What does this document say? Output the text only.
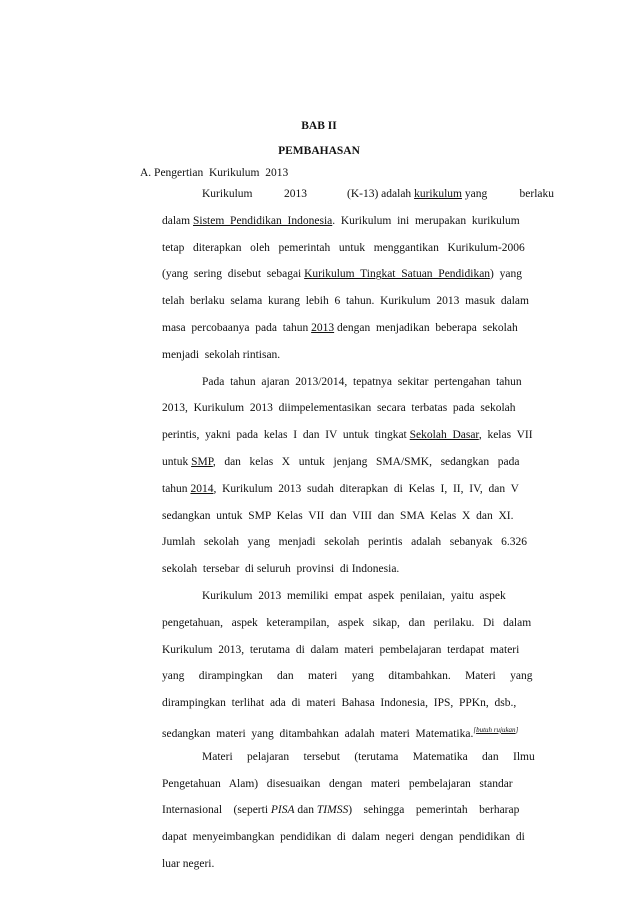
BAB II
PEMBAHASAN
A. Pengertian  Kurikulum  2013
Kurikulum	2013	(K-13) adalah kurikulum yang	berlaku
dalam Sistem  Pendidikan  Indonesia.  Kurikulum  ini  merupakan  kurikulum
tetap   diterapkan   oleh   pemerintah   untuk   menggantikan   Kurikulum-2006
(yang  sering  disebut  sebagai Kurikulum  Tingkat  Satuan  Pendidikan)  yang
telah  berlaku  selama  kurang  lebih  6  tahun.  Kurikulum  2013  masuk  dalam
masa  percobaanya  pada  tahun 2013 dengan  menjadikan  beberapa  sekolah
menjadi  sekolah rintisan.
Pada  tahun  ajaran  2013/2014,  tepatnya  sekitar  pertengahan  tahun
2013,  Kurikulum  2013  diimpelementasikan  secara  terbatas  pada  sekolah
perintis,  yakni  pada  kelas  I  dan  IV  untuk  tingkat Sekolah  Dasar,  kelas  VII
untuk SMP,   dan   kelas   X   untuk   jenjang   SMA/SMK,   sedangkan   pada
tahun 2014,  Kurikulum  2013  sudah  diterapkan  di  Kelas  I,  II,  IV,  dan  V
sedangkan  untuk  SMP  Kelas  VII  dan  VIII  dan  SMA  Kelas  X  dan  XI.
Jumlah   sekolah   yang   menjadi   sekolah   perintis   adalah   sebanyak   6.326
sekolah  tersebar  di seluruh  provinsi  di Indonesia.
Kurikulum  2013  memiliki  empat  aspek  penilaian,  yaitu  aspek
pengetahuan,   aspek   keterampilan,   aspek   sikap,   dan   perilaku.   Di   dalam
Kurikulum  2013,  terutama  di  dalam  materi  pembelajaran  terdapat  materi
yang     dirampingkan     dan     materi     yang     ditambahkan.     Materi     yang
dirampingkan  terlihat  ada  di  materi  Bahasa  Indonesia,  IPS,  PPKn,  dsb.,
sedangkan  materi  yang  ditambahkan  adalah  materi  Matematika.[butuh rujukan]
Materi     pelajaran     tersebut     (terutama     Matematika     dan     Ilmu
Pengetahuan   Alam)   disesuaikan   dengan   materi   pembelajaran   standar
Internasional    (seperti PISA dan TIMSS)    sehingga    pemerintah    berharap
dapat  menyeimbangkan  pendidikan  di  dalam  negeri  dengan  pendidikan  di
luar negeri.
